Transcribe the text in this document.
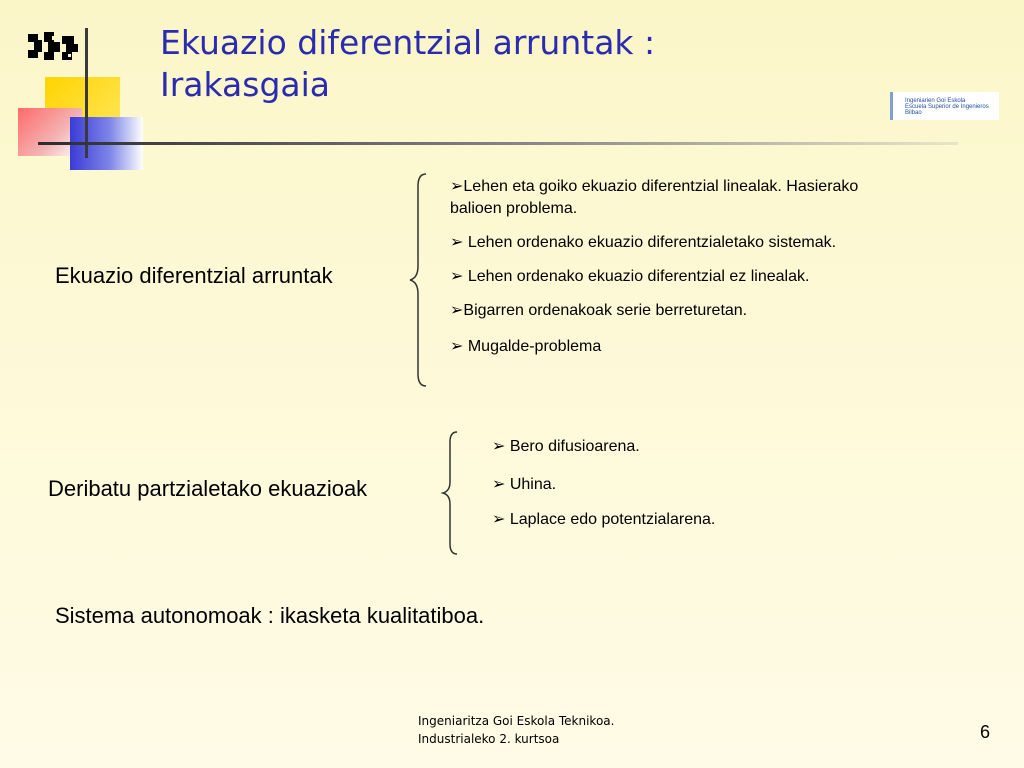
Ekuazio diferentzial arruntak :
Irakasgaia	Ingeniarien Goi Eskola
Escuela Superior de Ingenieros
Bilbao
Ekuazio diferentzial arruntak
➢Lehen eta goiko ekuazio diferentzial linealak. Hasierako balioen problema.
➢ Lehen ordenako ekuazio diferentzialetako sistemak.
➢ Lehen ordenako ekuazio diferentzial ez linealak.
➢Bigarren ordenakoak serie berreturetan.
➢ Mugalde-problema
Deribatu partzialetako ekuazioak
➢ Bero difusioarena.
➢ Uhina.
➢ Laplace edo potentzialarena.
Sistema autonomoak : ikasketa kualitatiboa.
Ingeniaritza Goi Eskola Teknikoa.
Industrialeko 2. kurtsoa	6
